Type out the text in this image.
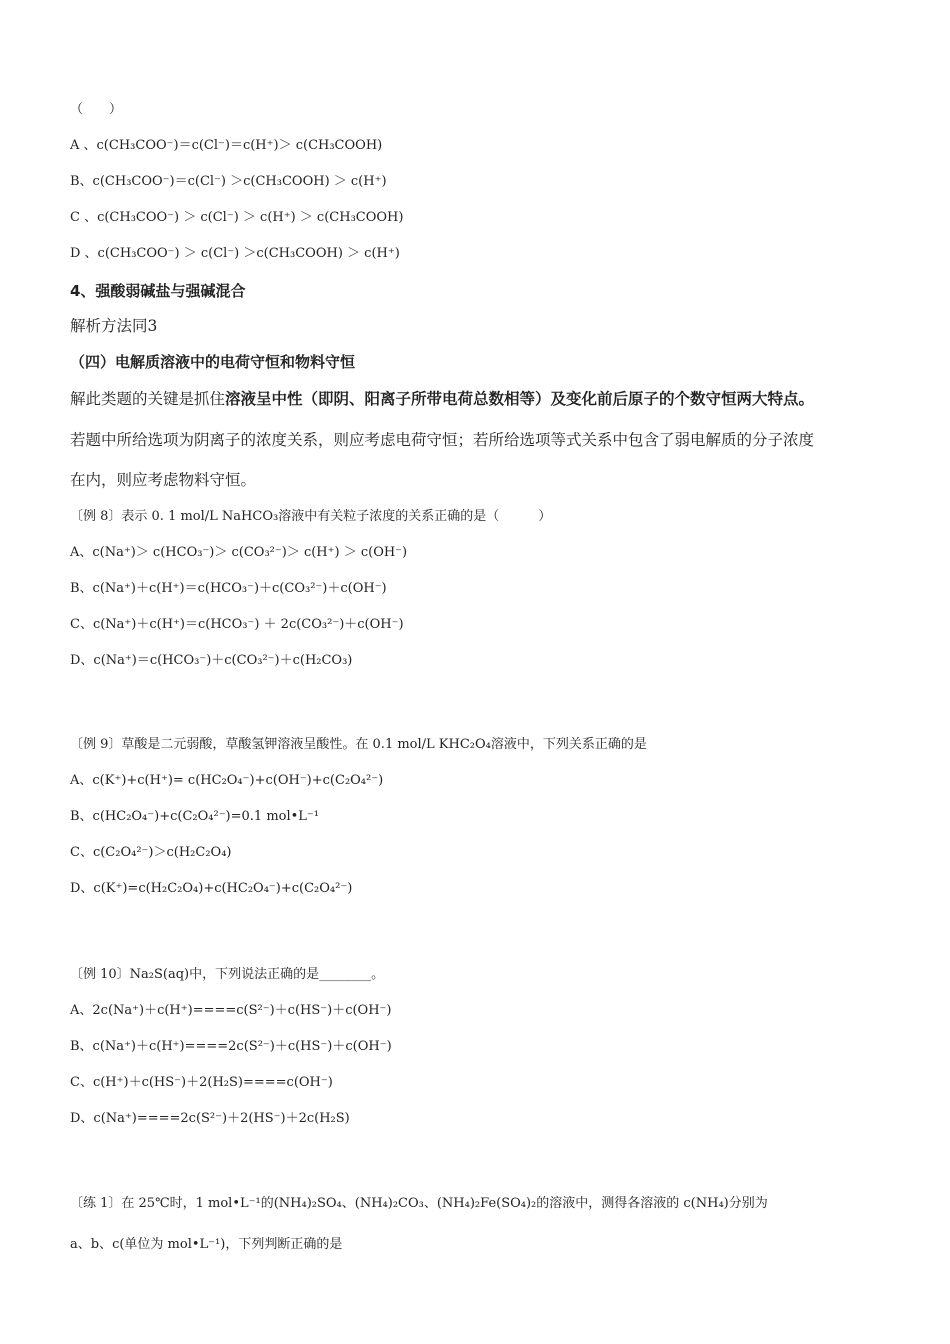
（　　）
A 、c(CH₃COO⁻)＝c(Cl⁻)＝c(H⁺)＞ c(CH₃COOH)
B、c(CH₃COO⁻)＝c(Cl⁻) ＞c(CH₃COOH) ＞ c(H⁺)
C 、c(CH₃COO⁻) ＞ c(Cl⁻) ＞ c(H⁺) ＞ c(CH₃COOH)
D 、c(CH₃COO⁻) ＞ c(Cl⁻) ＞c(CH₃COOH) ＞ c(H⁺)
4、强酸弱碱盐与强碱混合
解析方法同3
（四）电解质溶液中的电荷守恒和物料守恒
解此类题的关键是抓住溶液呈中性（即阴、阳离子所带电荷总数相等）及变化前后原子的个数守恒两大特点。
若题中所给选项为阴离子的浓度关系，则应考虑电荷守恒；若所给选项等式关系中包含了弱电解质的分子浓度
在内，则应考虑物料守恒。
〔例 8〕表示 0. 1 mol/L NaHCO₃溶液中有关粒子浓度的关系正确的是（　　　）
A、c(Na⁺)＞ c(HCO₃⁻)＞ c(CO₃²⁻)＞ c(H⁺) ＞ c(OH⁻)
B、c(Na⁺)＋c(H⁺)＝c(HCO₃⁻)＋c(CO₃²⁻)＋c(OH⁻)
C、c(Na⁺)＋c(H⁺)＝c(HCO₃⁻) ＋ 2c(CO₃²⁻)＋c(OH⁻)
D、c(Na⁺)＝c(HCO₃⁻)＋c(CO₃²⁻)＋c(H₂CO₃)
〔例 9〕草酸是二元弱酸，草酸氢钾溶液呈酸性。在 0.1 mol/L KHC₂O₄溶液中，下列关系正确的是
A、c(K⁺)+c(H⁺)= c(HC₂O₄⁻)+c(OH⁻)+c(C₂O₄²⁻)
B、c(HC₂O₄⁻)+c(C₂O₄²⁻)=0.1 mol•L⁻¹
C、c(C₂O₄²⁻)＞c(H₂C₂O₄)
D、c(K⁺)=c(H₂C₂O₄)+c(HC₂O₄⁻)+c(C₂O₄²⁻)
〔例 10〕Na₂S(aq)中，下列说法正确的是________。
A、2c(Na⁺)＋c(H⁺)====c(S²⁻)＋c(HS⁻)＋c(OH⁻)
B、c(Na⁺)＋c(H⁺)====2c(S²⁻)＋c(HS⁻)＋c(OH⁻)
C、c(H⁺)＋c(HS⁻)＋2(H₂S)====c(OH⁻)
D、c(Na⁺)====2c(S²⁻)＋2(HS⁻)＋2c(H₂S)
〔练 1〕在 25℃时，1 mol•L⁻¹的(NH₄)₂SO₄、(NH₄)₂CO₃、(NH₄)₂Fe(SO₄)₂的溶液中，测得各溶液的 c(NH₄)分别为
a、b、c(单位为 mol•L⁻¹)，下列判断正确的是
